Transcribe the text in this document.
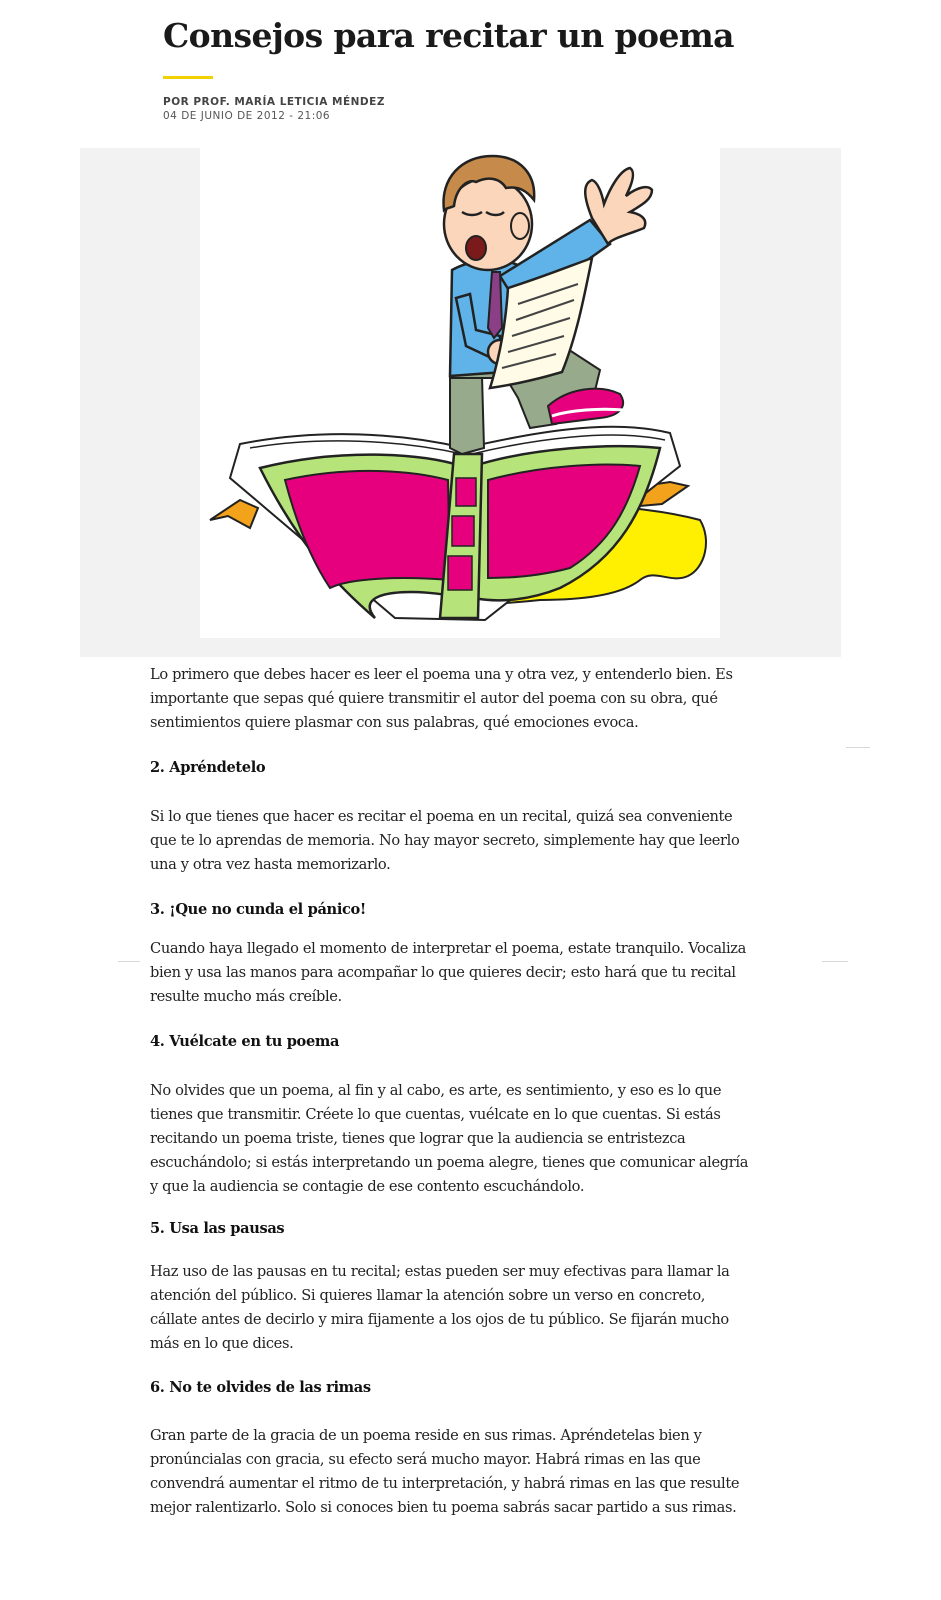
Consejos para recitar un poema
POR PROF. MARÍA LETICIA MÉNDEZ
04 DE JUNIO DE 2012 - 21:06

Lo primero que debes hacer es leer el poema una y otra vez, y entenderlo bien. Es importante que sepas qué quiere transmitir el autor del poema con su obra, qué sentimientos quiere plasmar con sus palabras, qué emociones evoca.

2. Apréndetelo

Si lo que tienes que hacer es recitar el poema en un recital, quizá sea conveniente que te lo aprendas de memoria. No hay mayor secreto, simplemente hay que leerlo una y otra vez hasta memorizarlo.

3. ¡Que no cunda el pánico!

Cuando haya llegado el momento de interpretar el poema, estate tranquilo. Vocaliza bien y usa las manos para acompañar lo que quieres decir; esto hará que tu recital resulte mucho más creíble.

4. Vuélcate en tu poema

No olvides que un poema, al fin y al cabo, es arte, es sentimiento, y eso es lo que tienes que transmitir. Créete lo que cuentas, vuélcate en lo que cuentas. Si estás recitando un poema triste, tienes que lograr que la audiencia se entristezca escuchándolo; si estás interpretando un poema alegre, tienes que comunicar alegría y que la audiencia se contagie de ese contento escuchándolo.

5. Usa las pausas

Haz uso de las pausas en tu recital; estas pueden ser muy efectivas para llamar la atención del público. Si quieres llamar la atención sobre un verso en concreto, cállate antes de decirlo y mira fijamente a los ojos de tu público. Se fijarán mucho más en lo que dices.

6. No te olvides de las rimas

Gran parte de la gracia de un poema reside en sus rimas. Apréndetelas bien y pronúncialas con gracia, su efecto será mucho mayor. Habrá rimas en las que convendrá aumentar el ritmo de tu interpretación, y habrá rimas en las que resulte mejor ralentizarlo. Solo si conoces bien tu poema sabrás sacar partido a sus rimas.
